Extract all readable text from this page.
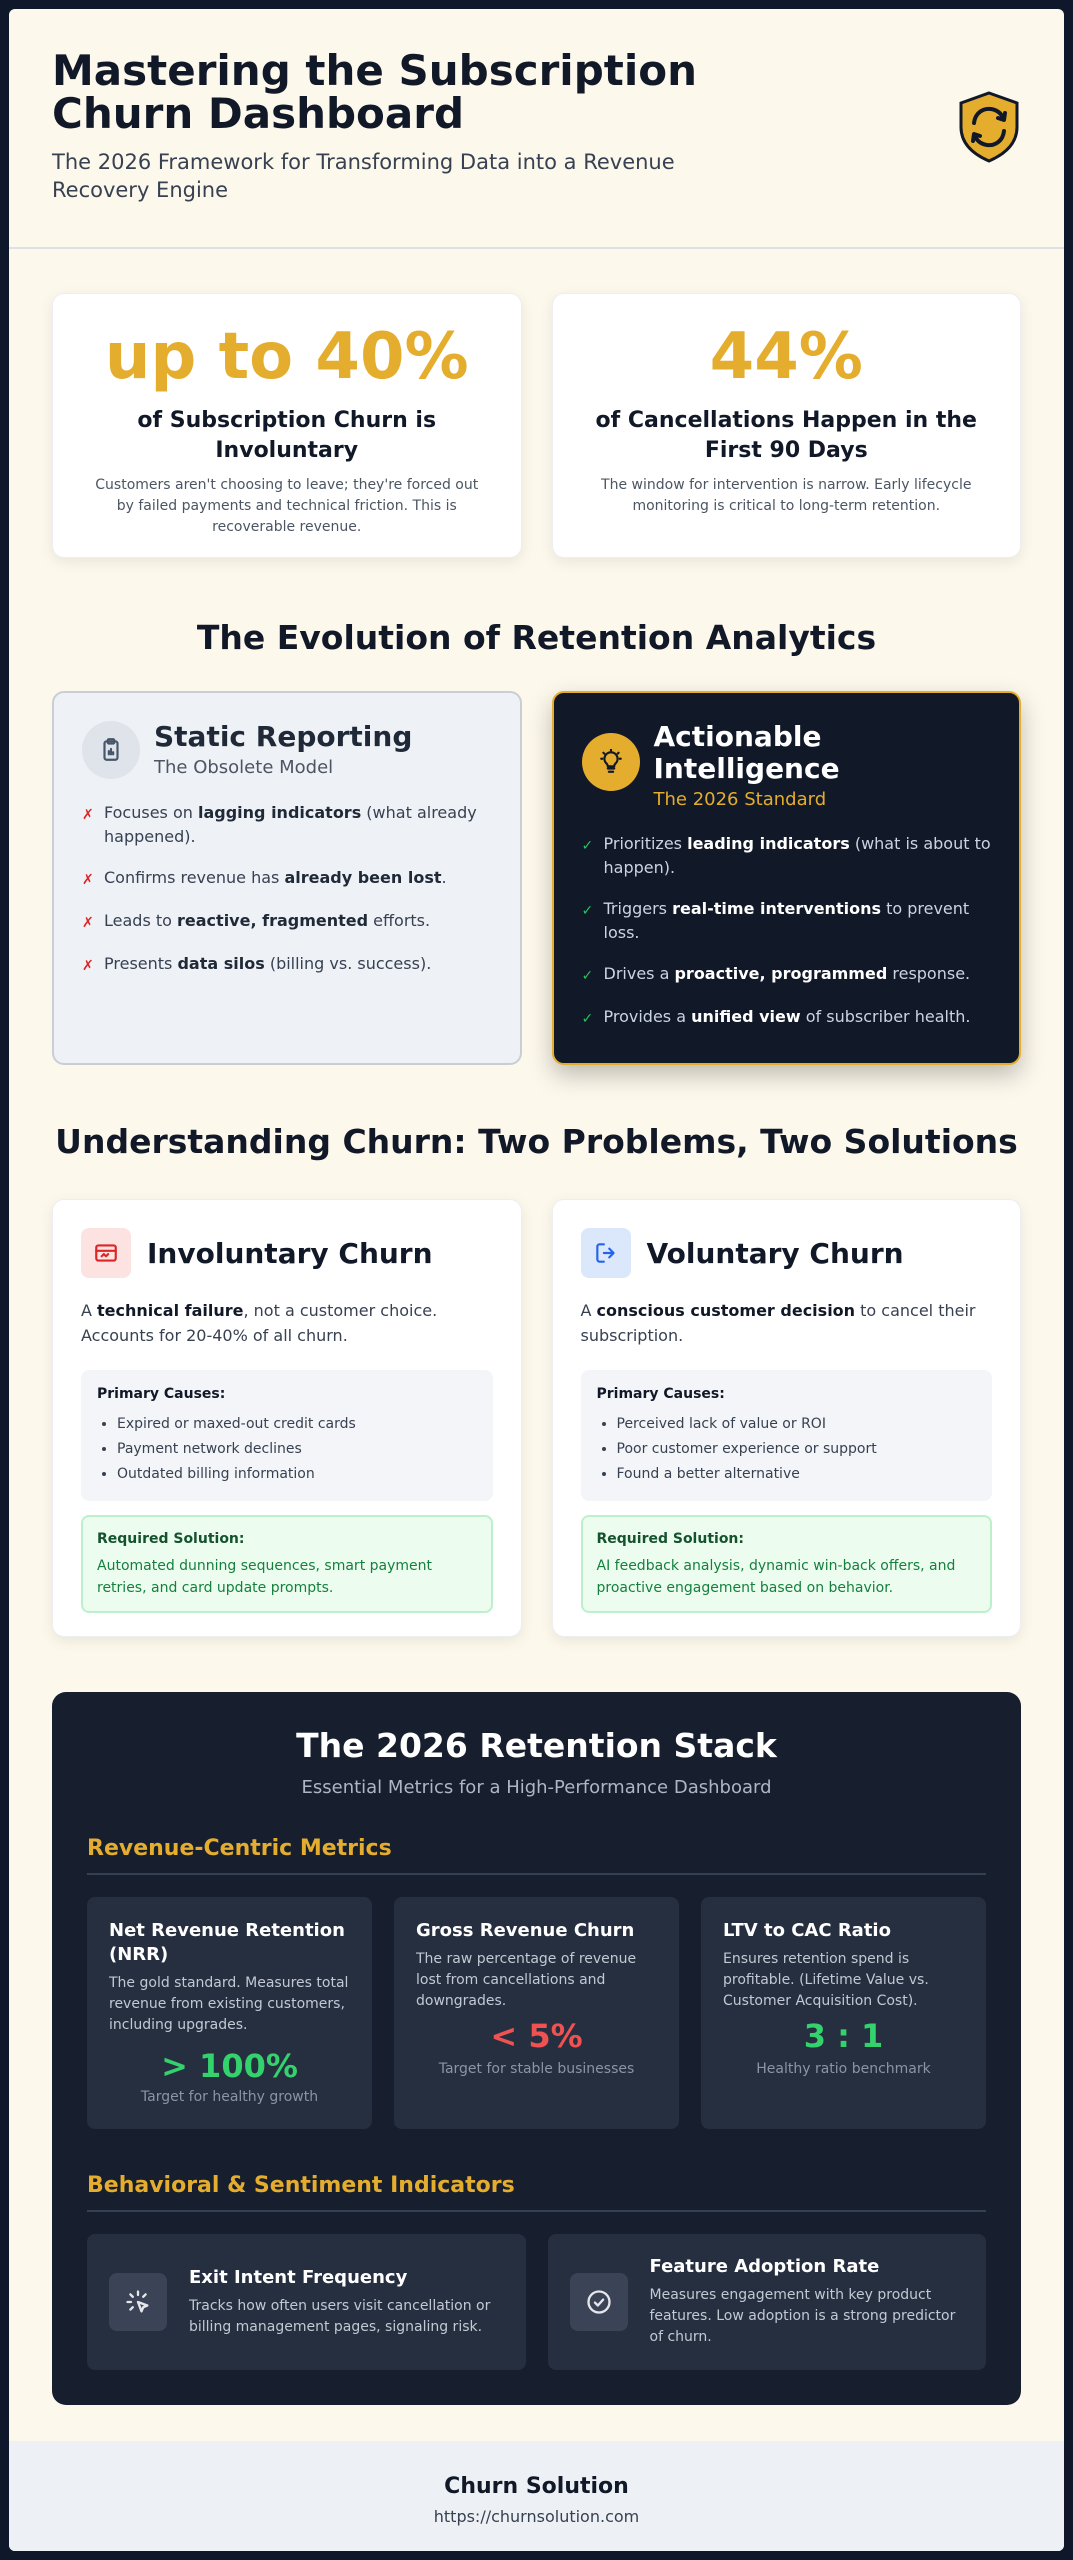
Mastering the Subscription Churn Dashboard

The 2026 Framework for Transforming Data into a Revenue Recovery Engine

up to 40%
of Subscription Churn is Involuntary
Customers aren't choosing to leave; they're forced out by failed payments and technical friction. This is recoverable revenue.
44%
of Cancellations Happen in the First 90 Days
The window for intervention is narrow. Early lifecycle monitoring is critical to long-term retention.
The Evolution of Retention Analytics
Static Reporting
The Obsolete Model
✗ Focuses on lagging indicators (what already happened).
✗ Confirms revenue has already been lost.
✗ Leads to reactive, fragmented efforts.
✗ Presents data silos (billing vs. success).
Actionable Intelligence
The 2026 Standard
✓ Prioritizes leading indicators (what is about to happen).
✓ Triggers real-time interventions to prevent loss.
✓ Drives a proactive, programmed response.
✓ Provides a unified view of subscriber health.
Understanding Churn: Two Problems, Two Solutions
Involuntary Churn

A technical failure, not a customer choice. Accounts for 20-40% of all churn.

Primary Causes:
• Expired or maxed-out credit cards
• Payment network declines
• Outdated billing information
Required Solution:

Automated dunning sequences, smart payment retries, and card update prompts.

Voluntary Churn

A conscious customer decision to cancel their subscription.

Primary Causes:
• Perceived lack of value or ROI
• Poor customer experience or support
• Found a better alternative
Required Solution:

AI feedback analysis, dynamic win-back offers, and proactive engagement based on behavior.

The 2026 Retention Stack
Essential Metrics for a High-Performance Dashboard
Revenue-Centric Metrics
Net Revenue Retention (NRR)
The gold standard. Measures total revenue from existing customers, including upgrades.
> 100%
Target for healthy growth
Gross Revenue Churn
The raw percentage of revenue lost from cancellations and downgrades.
< 5%
Target for stable businesses
LTV to CAC Ratio
Ensures retention spend is profitable. (Lifetime Value vs. Customer Acquisition Cost).
3 : 1
Healthy ratio benchmark
Behavioral & Sentiment Indicators
Exit Intent Frequency
Tracks how often users visit cancellation or billing management pages, signaling risk.
Feature Adoption Rate
Measures engagement with key product features. Low adoption is a strong predictor of churn.
Churn Solution
https://churnsolution.com
